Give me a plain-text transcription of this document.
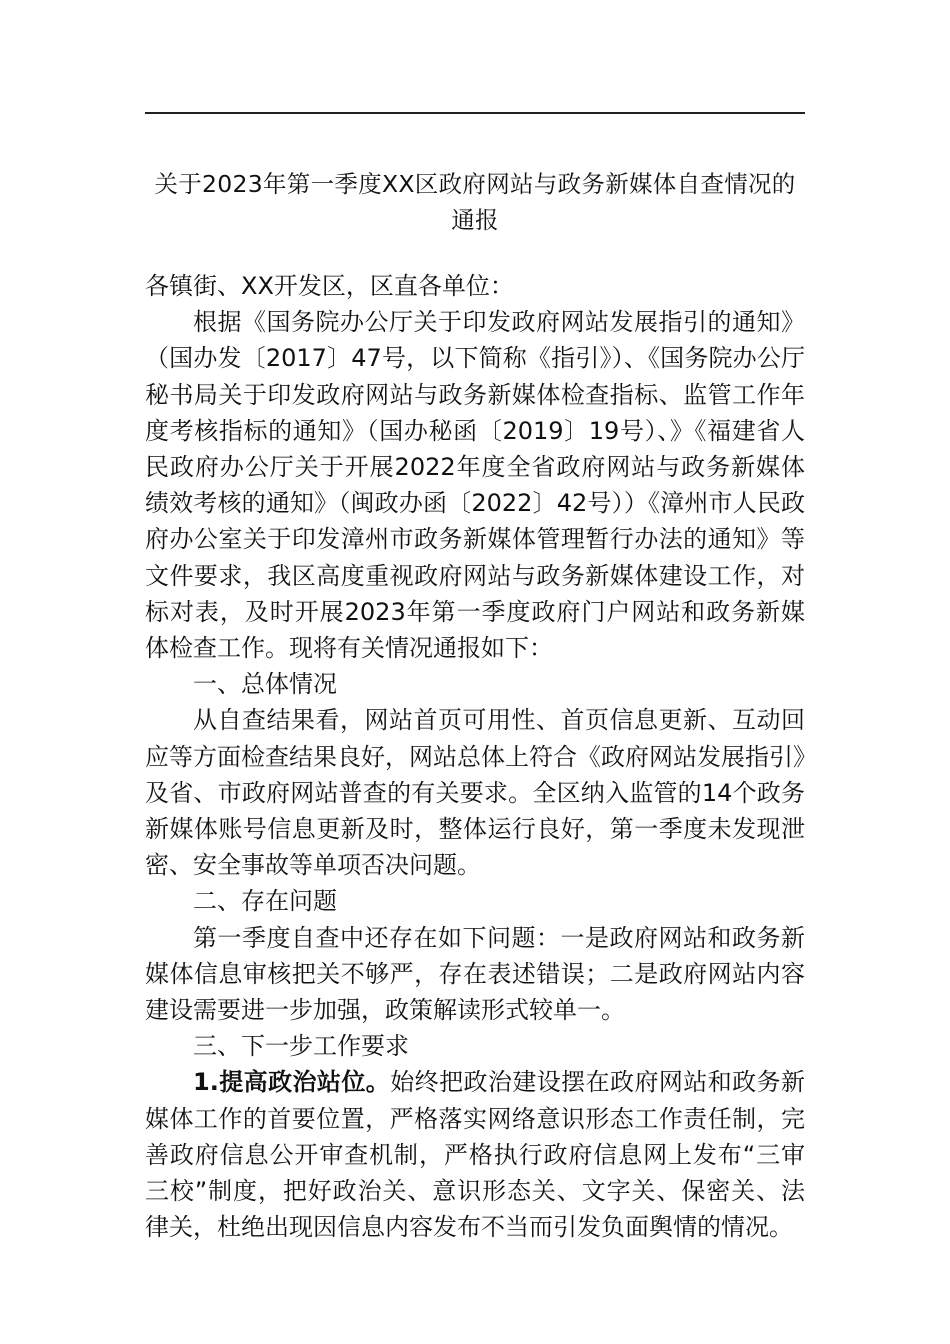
关于2023年第一季度XX区政府网站与政务新媒体自查情况的
通报

各镇街、XX开发区，区直各单位：

根据《国务院办公厅关于印发政府网站发展指引的通知》（国办发〔2017〕47号，以下简称《指引》）、《国务院办公厅秘书局关于印发政府网站与政务新媒体检查指标、监管工作年度考核指标的通知》（国办秘函〔2019〕19号）、》《福建省人民政府办公厅关于开展2022年度全省政府网站与政务新媒体绩效考核的通知》（闽政办函〔2022〕42号））《漳州市人民政府办公室关于印发漳州市政务新媒体管理暂行办法的通知》等文件要求，我区高度重视政府网站与政务新媒体建设工作，对标对表，及时开展2023年第一季度政府门户网站和政务新媒体检查工作。现将有关情况通报如下：

一、总体情况

从自查结果看，网站首页可用性、首页信息更新、互动回应等方面检查结果良好，网站总体上符合《政府网站发展指引》及省、市政府网站普查的有关要求。全区纳入监管的14个政务新媒体账号信息更新及时，整体运行良好，第一季度未发现泄密、安全事故等单项否决问题。

二、存在问题

第一季度自查中还存在如下问题：一是政府网站和政务新媒体信息审核把关不够严，存在表述错误；二是政府网站内容建设需要进一步加强，政策解读形式较单一。

三、下一步工作要求

1.提高政治站位。始终把政治建设摆在政府网站和政务新媒体工作的首要位置，严格落实网络意识形态工作责任制，完善政府信息公开审查机制，严格执行政府信息网上发布“三审三校”制度，把好政治关、意识形态关、文字关、保密关、法律关，杜绝出现因信息内容发布不当而引发负面舆情的情况。
